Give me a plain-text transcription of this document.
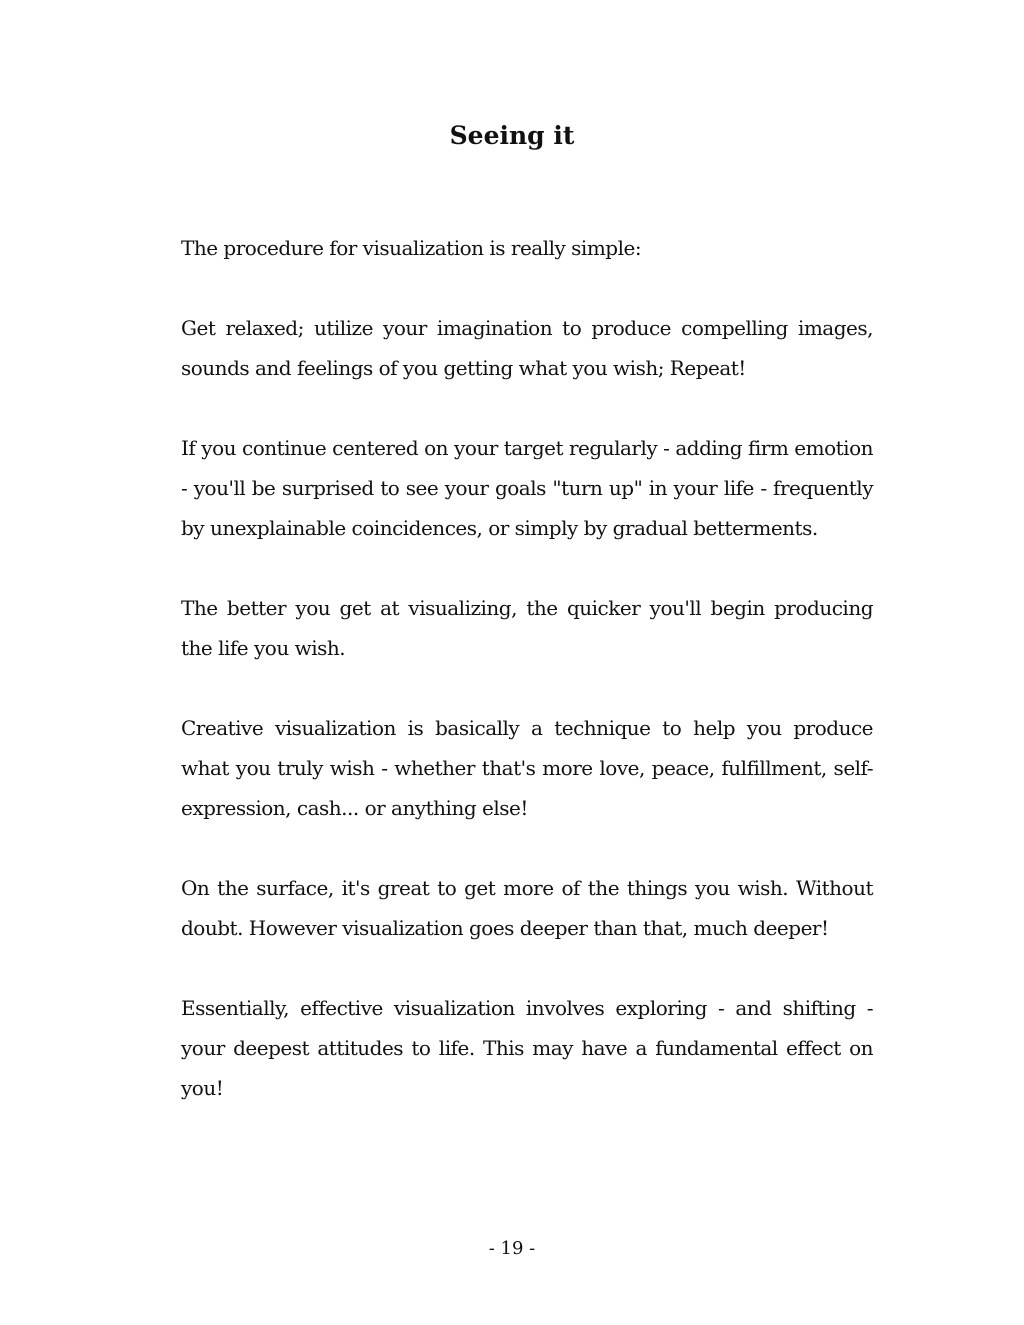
Seeing it

The procedure for visualization is really simple:

Get relaxed; utilize your imagination to produce compelling images, sounds and feelings of you getting what you wish; Repeat!

If you continue centered on your target regularly - adding firm emotion - you'll be surprised to see your goals "turn up" in your life - frequently by unexplainable coincidences, or simply by gradual betterments.

The better you get at visualizing, the quicker you'll begin producing the life you wish.

Creative visualization is basically a technique to help you produce what you truly wish - whether that's more love, peace, fulfillment, self-expression, cash... or anything else!

On the surface, it's great to get more of the things you wish. Without doubt. However visualization goes deeper than that, much deeper!

Essentially, effective visualization involves exploring - and shifting - your deepest attitudes to life. This may have a fundamental effect on you!

- 19 -
